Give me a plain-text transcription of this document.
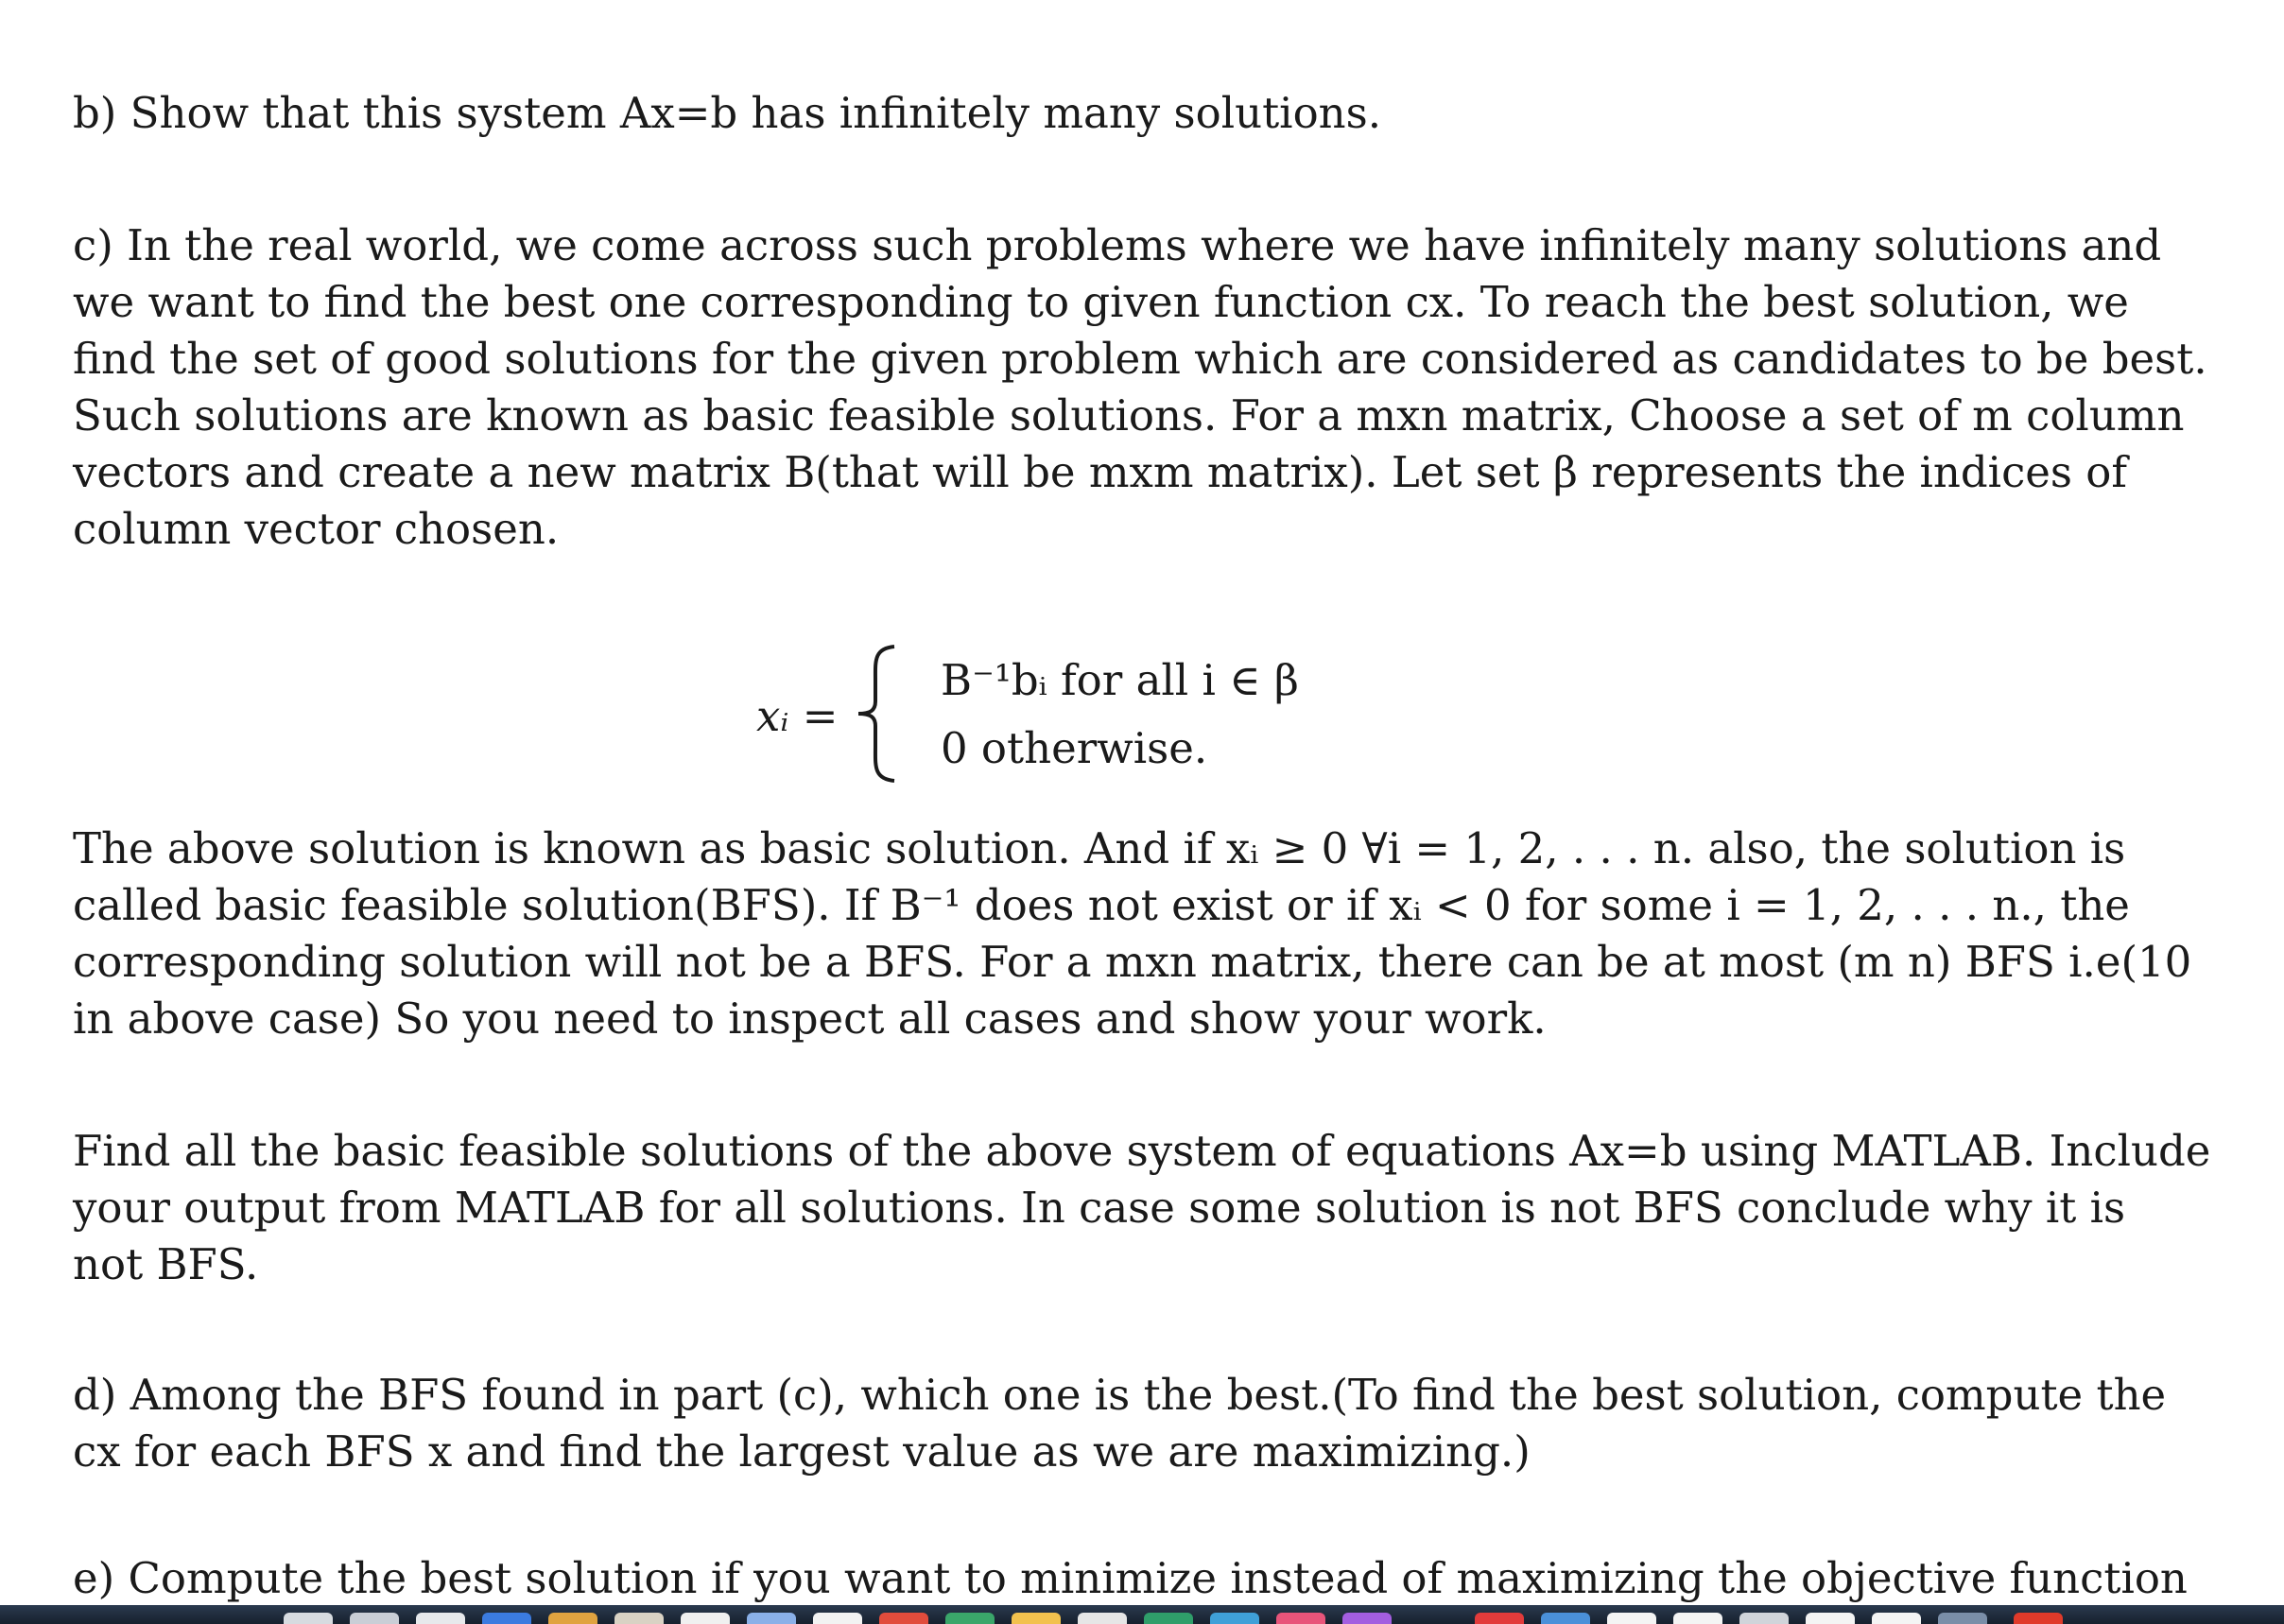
b) Show that this system Ax=b has infinitely many solutions.

c) In the real world, we come across such problems where we have infinitely many solutions and
we want to find the best one corresponding to given function cx. To reach the best solution, we
find the set of good solutions for the given problem which are considered as candidates to be best.
Such solutions are known as basic feasible solutions. For a mxn matrix, Choose a set of m column
vectors and create a new matrix B(that will be mxm matrix). Let set β represents the indices of
column vector chosen.

xᵢ =
B⁻¹bᵢ for all i ∈ β
0 otherwise.

The above solution is known as basic solution. And if xᵢ ≥ 0 ∀i = 1, 2, . . . n. also, the solution is
called basic feasible solution(BFS). If B⁻¹ does not exist or if xᵢ < 0 for some i = 1, 2, . . . n., the
corresponding solution will not be a BFS. For a mxn matrix, there can be at most (m n) BFS i.e(10
in above case) So you need to inspect all cases and show your work.

Find all the basic feasible solutions of the above system of equations Ax=b using MATLAB. Include
your output from MATLAB for all solutions. In case some solution is not BFS conclude why it is
not BFS.

d) Among the BFS found in part (c), which one is the best.(To find the best solution, compute the
cx for each BFS x and find the largest value as we are maximizing.)

e) Compute the best solution if you want to minimize instead of maximizing the objective function
